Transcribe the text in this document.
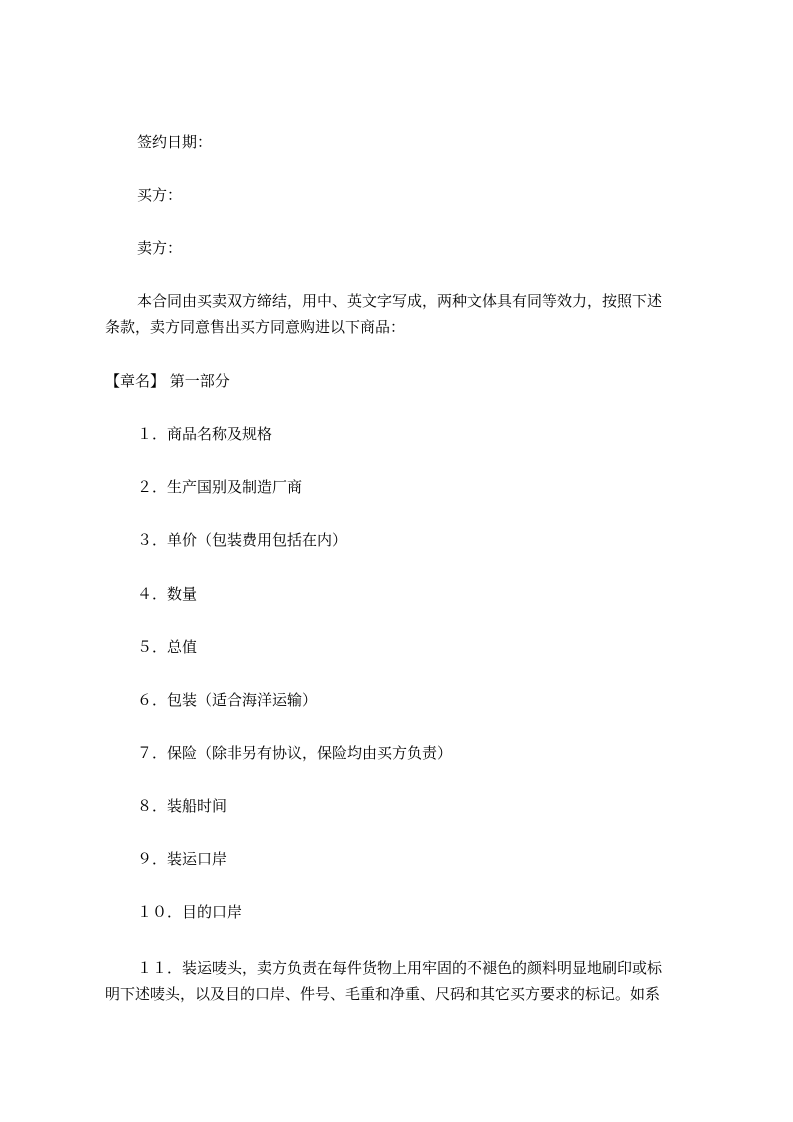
签约日期：
买方：
卖方：
本合同由买卖双方缔结，用中、英文字写成，两种文体具有同等效力，按照下述
条款，卖方同意售出买方同意购进以下商品：
【章名】 第一部分
１．商品名称及规格
２．生产国别及制造厂商
３．单价（包装费用包括在内）
４．数量
５．总值
６．包装（适合海洋运输）
７．保险（除非另有协议，保险均由买方负责）
８．装船时间
９．装运口岸
１０．目的口岸
１１．装运唛头，卖方负责在每件货物上用牢固的不褪色的颜料明显地刷印或标
明下述唛头，以及目的口岸、件号、毛重和净重、尺码和其它买方要求的标记。如系
